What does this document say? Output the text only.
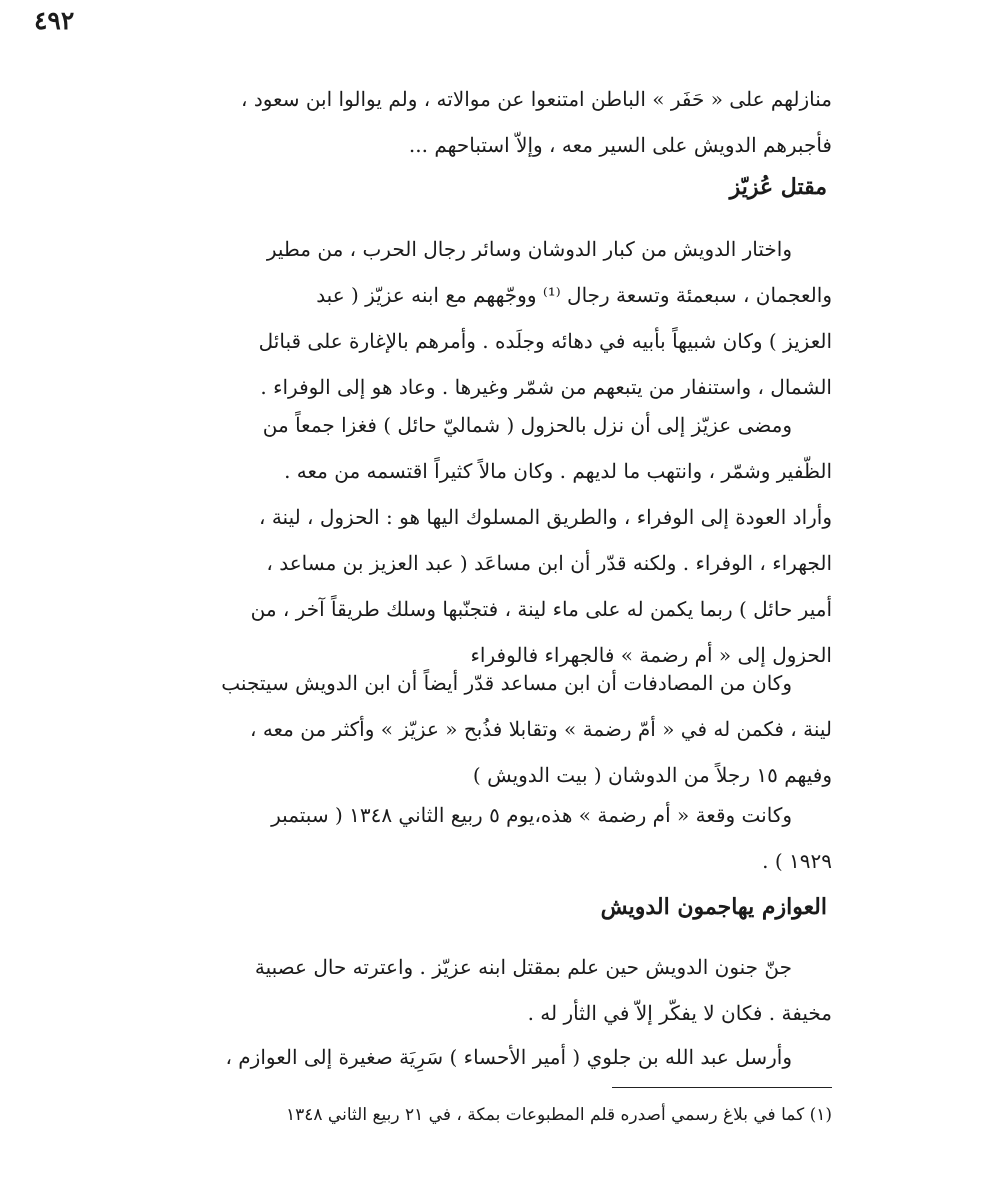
٤٩٢
منازلهم على « حَفَر » الباطن امتنعوا عن موالاته ، ولم يوالوا ابن سعود ،
فأجبرهم الدويش على السير معه ، وإلاّ استباحهم ...
مقتل عُزيّز
واختار الدويش من كبار الدوشان وسائر رجال الحرب ، من مطير
والعجمان ، سبعمئة وتسعة رجال ⁽¹⁾ ووجّههم مع ابنه عزيّز ( عبد
العزيز ) وكان شبيهاً بأبيه في دهائه وجلَده . وأمرهم بالإغارة على قبائل
الشمال ، واستنفار من يتبعهم من شمّر وغيرها . وعاد هو إلى الوفراء .
ومضى عزيّز إلى أن نزل بالحزول ( شماليّ حائل ) فغزا جمعاً من
الظّفير وشمّر ، وانتهب ما لديهم . وكان مالاً كثيراً اقتسمه من معه .
وأراد العودة إلى الوفراء ، والطريق المسلوك اليها هو : الحزول ، لينة ،
الجهراء ، الوفراء . ولكنه قدّر أن ابن مساعَد ( عبد العزيز بن مساعد ،
أمير حائل ) ربما يكمن له على ماء لينة ، فتجنّبها وسلك طريقاً آخر ، من
الحزول إلى « أم رضمة » فالجهراء فالوفراء
وكان من المصادفات أن ابن مساعد قدّر أيضاً أن ابن الدويش سيتجنب
لينة ، فكمن له في « أمّ رضمة » وتقابلا فذُبح « عزيّز » وأكثر من معه ،
وفيهم ١٥ رجلاً من الدوشان ( بيت الدويش )
وكانت وقعة « أم رضمة » هذه،يوم ٥ ربيع الثاني ١٣٤٨ ( سبتمبر
١٩٢٩ ) .
العوازم يهاجمون الدويش
جنّ جنون الدويش حين علم بمقتل ابنه عزيّز . واعترته حال عصبية
مخيفة . فكان لا يفكّر إلاّ في الثأر له .
وأرسل عبد الله بن جلوي ( أمير الأحساء ) سَرِيَة صغيرة إلى العوازم ،
(١) كما في بلاغ رسمي أصدره قلم المطبوعات بمكة ، في ٢١ ربيع الثاني ١٣٤٨
